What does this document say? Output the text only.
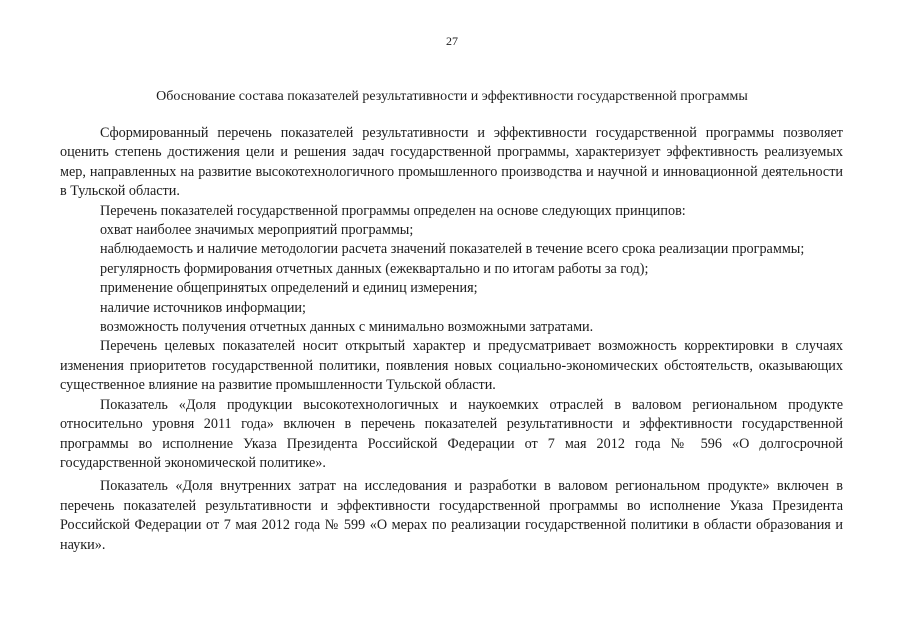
27
Обоснование состава показателей результативности и эффективности государственной программы

Сформированный перечень показателей результативности и эффективности государственной программы позволяет оценить степень достижения цели и решения задач государственной программы, характеризует эффективность реализуемых мер, направленных на развитие высокотехнологичного промышленного производства и научной и инновационной деятельности в Тульской области.

Перечень показателей государственной программы определен на основе следующих принципов:

охват наиболее значимых мероприятий программы;

наблюдаемость и наличие методологии расчета значений показателей в течение всего срока реализации программы;

регулярность формирования отчетных данных (ежеквартально и по итогам работы за год);

применение общепринятых определений и единиц измерения;

наличие источников информации;

возможность получения отчетных данных с минимально возможными затратами.

Перечень целевых показателей носит открытый характер и предусматривает возможность корректировки в случаях изменения приоритетов государственной политики, появления новых социально-экономических обстоятельств, оказывающих существенное влияние на развитие промышленности Тульской области.

Показатель «Доля продукции высокотехнологичных и наукоемких отраслей в валовом региональном продукте относительно уровня 2011 года» включен в перечень показателей результативности и эффективности государственной программы во исполнение Указа Президента Российской Федерации от 7 мая 2012 года № 596 «О долгосрочной государственной экономической политике».

Показатель «Доля внутренних затрат на исследования и разработки в валовом региональном продукте» включен в перечень показателей результативности и эффективности государственной программы во исполнение Указа Президента Российской Федерации от 7 мая 2012 года № 599 «О мерах по реализации государственной политики в области образования и науки».
